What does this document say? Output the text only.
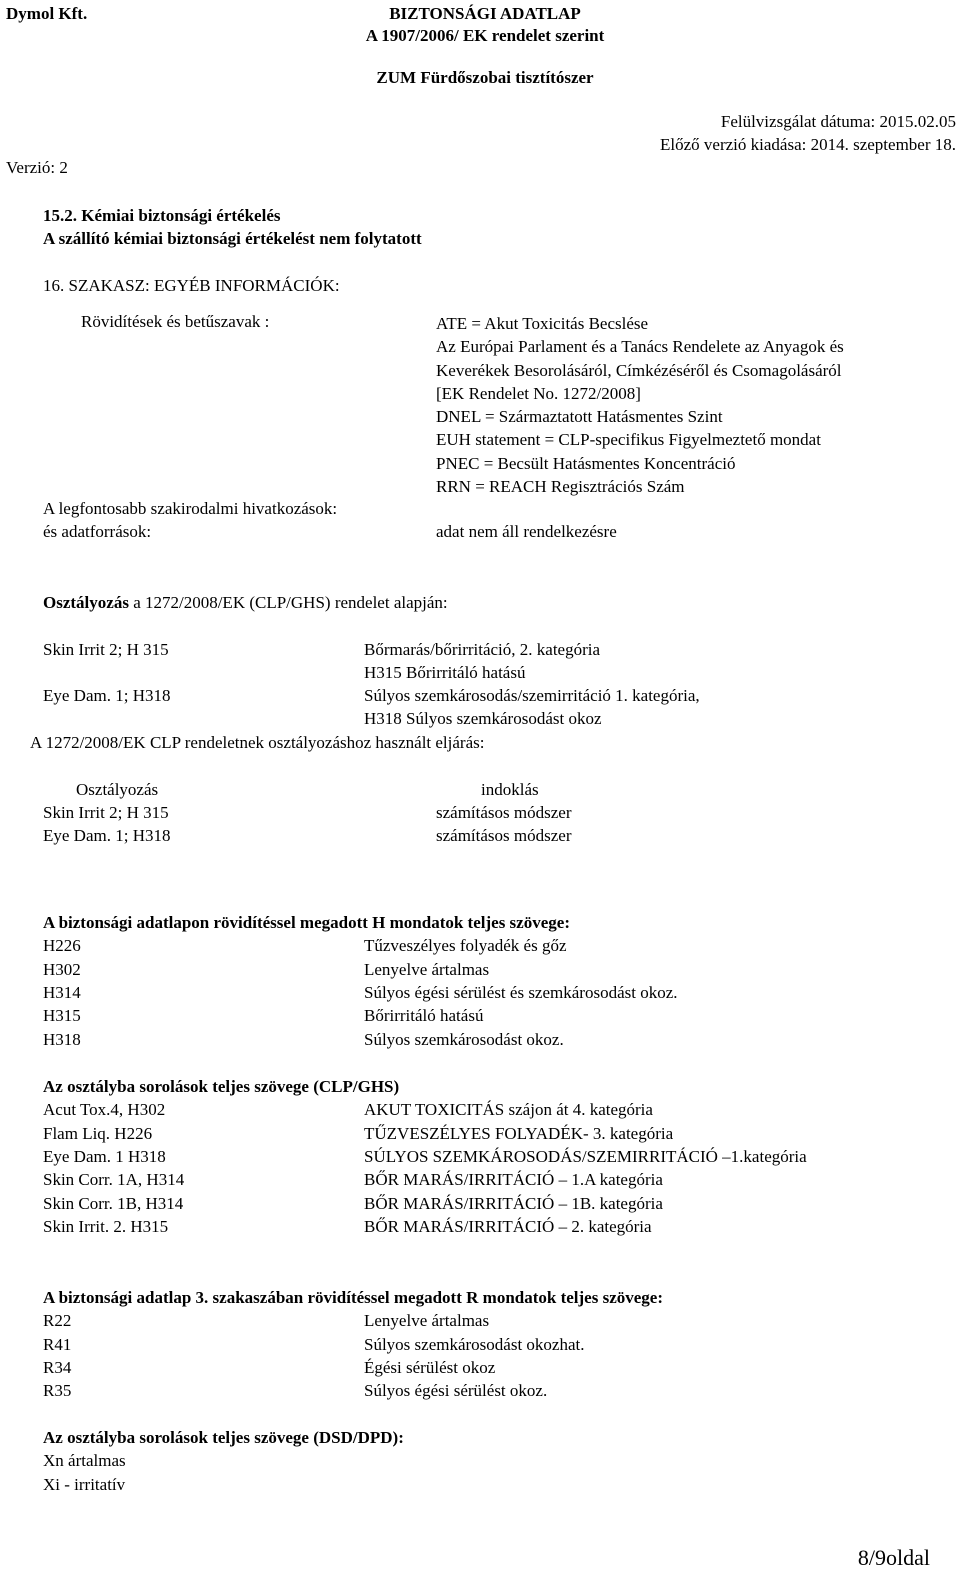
Dymol Kft.	BIZTONSÁGI ADATLAP
A 1907/2006/ EK rendelet szerint
ZUM Fürdőszobai tisztítószer
Felülvizsgálat dátuma: 2015.02.05
Előző verzió kiadása: 2014. szeptember 18.
Verzió: 2
15.2. Kémiai biztonsági értékelés
A szállító kémiai biztonsági értékelést nem folytatott
16. SZAKASZ: EGYÉB INFORMÁCIÓK:
Rövidítések és betűszavak :	ATE = Akut Toxicitás Becslése
Az Európai Parlament és a Tanács Rendelete az Anyagok és
Keverékek Besorolásáról, Címkézéséről és Csomagolásáról
[EK Rendelet No. 1272/2008]
DNEL = Származtatott Hatásmentes Szint
EUH statement = CLP-specifikus Figyelmeztető mondat
PNEC = Becsült Hatásmentes Koncentráció
RRN = REACH Regisztrációs Szám
A legfontosabb szakirodalmi hivatkozások:
és adatforrások:	adat nem áll rendelkezésre
Osztályozás a 1272/2008/EK (CLP/GHS) rendelet alapján:
Skin Irrit 2; H 315	Bőrmarás/bőrirritáció, 2. kategória
H315 Bőrirritáló hatású
Eye Dam. 1; H318	Súlyos szemkárosodás/szemirritáció 1. kategória,
H318 Súlyos szemkárosodást okoz
A 1272/2008/EK CLP rendeletnek osztályozáshoz használt eljárás:
Osztályozás	indoklás
Skin Irrit 2; H 315	számításos módszer
Eye Dam. 1; H318	számításos módszer
A biztonsági adatlapon rövidítéssel megadott H mondatok teljes szövege:
H226	Tűzveszélyes folyadék és gőz
H302	Lenyelve ártalmas
H314	Súlyos égési sérülést és szemkárosodást okoz.
H315	Bőrirritáló hatású
H318	Súlyos szemkárosodást okoz.
Az osztályba sorolások teljes szövege (CLP/GHS)
Acut Tox.4, H302	AKUT TOXICITÁS szájon át 4. kategória
Flam Liq. H226	TŰZVESZÉLYES FOLYADÉK- 3. kategória
Eye Dam. 1 H318	SÚLYOS SZEMKÁROSODÁS/SZEMIRRITÁCIÓ –1.kategória
Skin Corr. 1A, H314	BŐR MARÁS/IRRITÁCIÓ – 1.A kategória
Skin Corr. 1B, H314	BŐR MARÁS/IRRITÁCIÓ – 1B. kategória
Skin Irrit. 2. H315	BŐR MARÁS/IRRITÁCIÓ – 2. kategória
A biztonsági adatlap 3. szakaszában rövidítéssel megadott R mondatok teljes szövege:
R22	Lenyelve ártalmas
R41	Súlyos szemkárosodást okozhat.
R34	Égési sérülést okoz
R35	Súlyos égési sérülést okoz.
Az osztályba sorolások teljes szövege (DSD/DPD):
Xn ártalmas
Xi - irritatív
8/9oldal
